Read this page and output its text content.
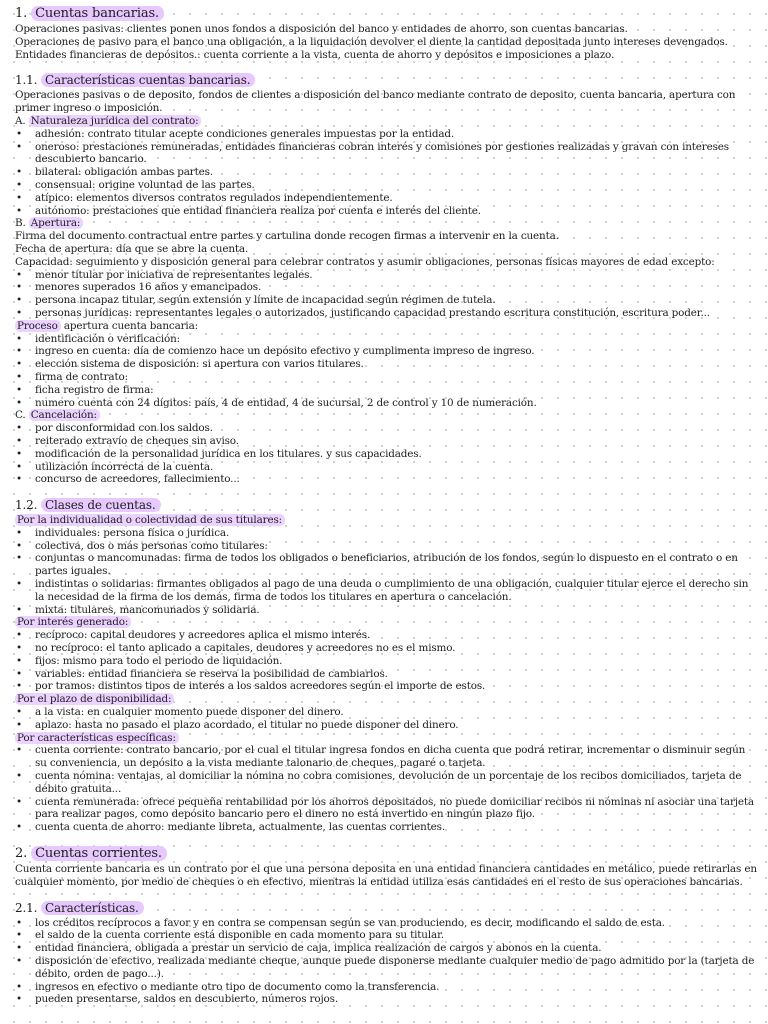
1. Cuentas bancarias.

Operaciones pasivas: clientes ponen unos fondos a disposición del banco y entidades de ahorro, son cuentas bancarias.

Operaciones de pasivo para el banco una obligación, a la liquidación devolver el diente la cantidad depositada junto intereses devengados.

Entidades financieras de depósitos.: cuenta corriente a la vista, cuenta de ahorro y depósitos e imposiciones a plazo.

1.1. Características cuentas bancarias.

Operaciones pasivas o de deposito, fondos de clientes a disposición del banco mediante contrato de deposito, cuenta bancaria, apertura con primer ingreso o imposición.

A. Naturaleza jurídica del contrato:

• adhesión: contrato titular acepte condiciones generales impuestas por la entidad.
• oneroso: prestaciones remuneradas, entidades financieras cobran interés y comisiones por gestiones realizadas y gravan con intereses descubierto bancario.
• bilateral: obligación ambas partes.
• consensual: origine voluntad de las partes.
• atípico: elementos diversos contratos regulados independientemente.
• autónomo: prestaciones que entidad financiera realiza por cuenta e interés del cliente.

B. Apertura:

Firma del documento contractual entre partes y cartulina donde recogen firmas a intervenir en la cuenta.

Fecha de apertura: día que se abre la cuenta.

Capacidad: seguimiento y disposición general para celebrar contratos y asumir obligaciones, personas físicas mayores de edad excepto:

• menor titular por iniciativa de representantes legales.
• menores superados 16 años y emancipados.
• persona incapaz titular, según extensión y límite de incapacidad según régimen de tutela.
• personas jurídicas: representantes legales o autorizados, justificando capacidad prestando escritura constitución, escritura poder...

Proceso apertura cuenta bancaria:

• identificación o verificación:
• ingreso en cuenta: día de comienzo hace un depósito efectivo y cumplimenta impreso de ingreso.
• elección sistema de disposición: si apertura con varios titulares.
• firma de contrato:
• ficha registro de firma:
• numero cuenta con 24 dígitos: país, 4 de entidad, 4 de sucursal, 2 de control y 10 de numeración.

C. Cancelación:

• por disconformidad con los saldos.
• reiterado extravío de cheques sin aviso.
• modificación de la personalidad jurídica en los titulares. y sus capacidades.
• utilización incorrecta de la cuenta.
• concurso de acreedores, fallecimiento...
1.2. Clases de cuentas.

Por la individualidad o colectividad de sus titulares:

• individuales: persona física o jurídica.
• colectiva, dos o más personas como titulares:
• conjuntas o mancomunadas: firma de todos los obligados o beneficiarios, atribución de los fondos, según lo dispuesto en el contrato o en partes iguales.
• indistintas o solidarias: firmantes obligados al pago de una deuda o cumplimiento de una obligación, cualquier titular ejerce el derecho sin la necesidad de la firma de los demás, firma de todos los titulares en apertura o cancelación.
• mixta: titulares, mancomunados y solidaria.

Por interés generado:

• recíproco: capital deudores y acreedores aplica el mismo interés.
• no recíproco: el tanto aplicado a capitales, deudores y acreedores no es el mismo.
• fijos: mismo para todo el periodo de liquidación.
• variables: entidad financiera se reserva la posibilidad de cambiarlos.
• por tramos: distintos tipos de interés a los saldos acreedores según el importe de estos.

Por el plazo de disponibilidad:

• a la vista: en cualquier momento puede disponer del dinero.
• aplazo: hasta no pasado el plazo acordado, el titular no puede disponer del dinero.

Por características específicas:

• cuenta corriente: contrato bancario, por el cual el titular ingresa fondos en dicha cuenta que podrá retirar, incrementar o disminuir según su conveniencia, un depósito a la vista mediante talonario de cheques, pagaré o tarjeta.
• cuenta nómina: ventajas, al domiciliar la nómina no cobra comisiones, devolución de un porcentaje de los recibos domiciliados, tarjeta de débito gratuita...
• cuenta remunerada: ofrece pequeña rentabilidad por los ahorros depositados, no puede domiciliar recibos ni nóminas ni asociar una tarjeta para realizar pagos, como depósito bancario pero el dinero no está invertido en ningún plazo fijo.
• cuenta cuenta de ahorro: mediante libreta, actualmente, las cuentas corrientes.
2. Cuentas corrientes.

Cuenta corriente bancaria es un contrato por el que una persona deposita en una entidad financiera cantidades en metálico, puede retirarlas en cualquier momento, por medio de cheques o en efectivo, mientras la entidad utiliza esas cantidades en el resto de sus operaciones bancarias.

2.1. Características.
• los créditos recíprocos a favor y en contra se compensan según se van produciendo, es decir, modificando el saldo de esta.
• el saldo de la cuenta corriente está disponible en cada momento para su titular.
• entidad financiera, obligada a prestar un servicio de caja, implica realización de cargos y abonos en la cuenta.
• disposición de efectivo, realizada mediante cheque, aunque puede disponerse mediante cualquier medio de pago admitido por la (tarjeta de débito, orden de pago...).
• ingresos en efectivo o mediante otro tipo de documento como la transferencia.
• pueden presentarse, saldos en descubierto, números rojos.
